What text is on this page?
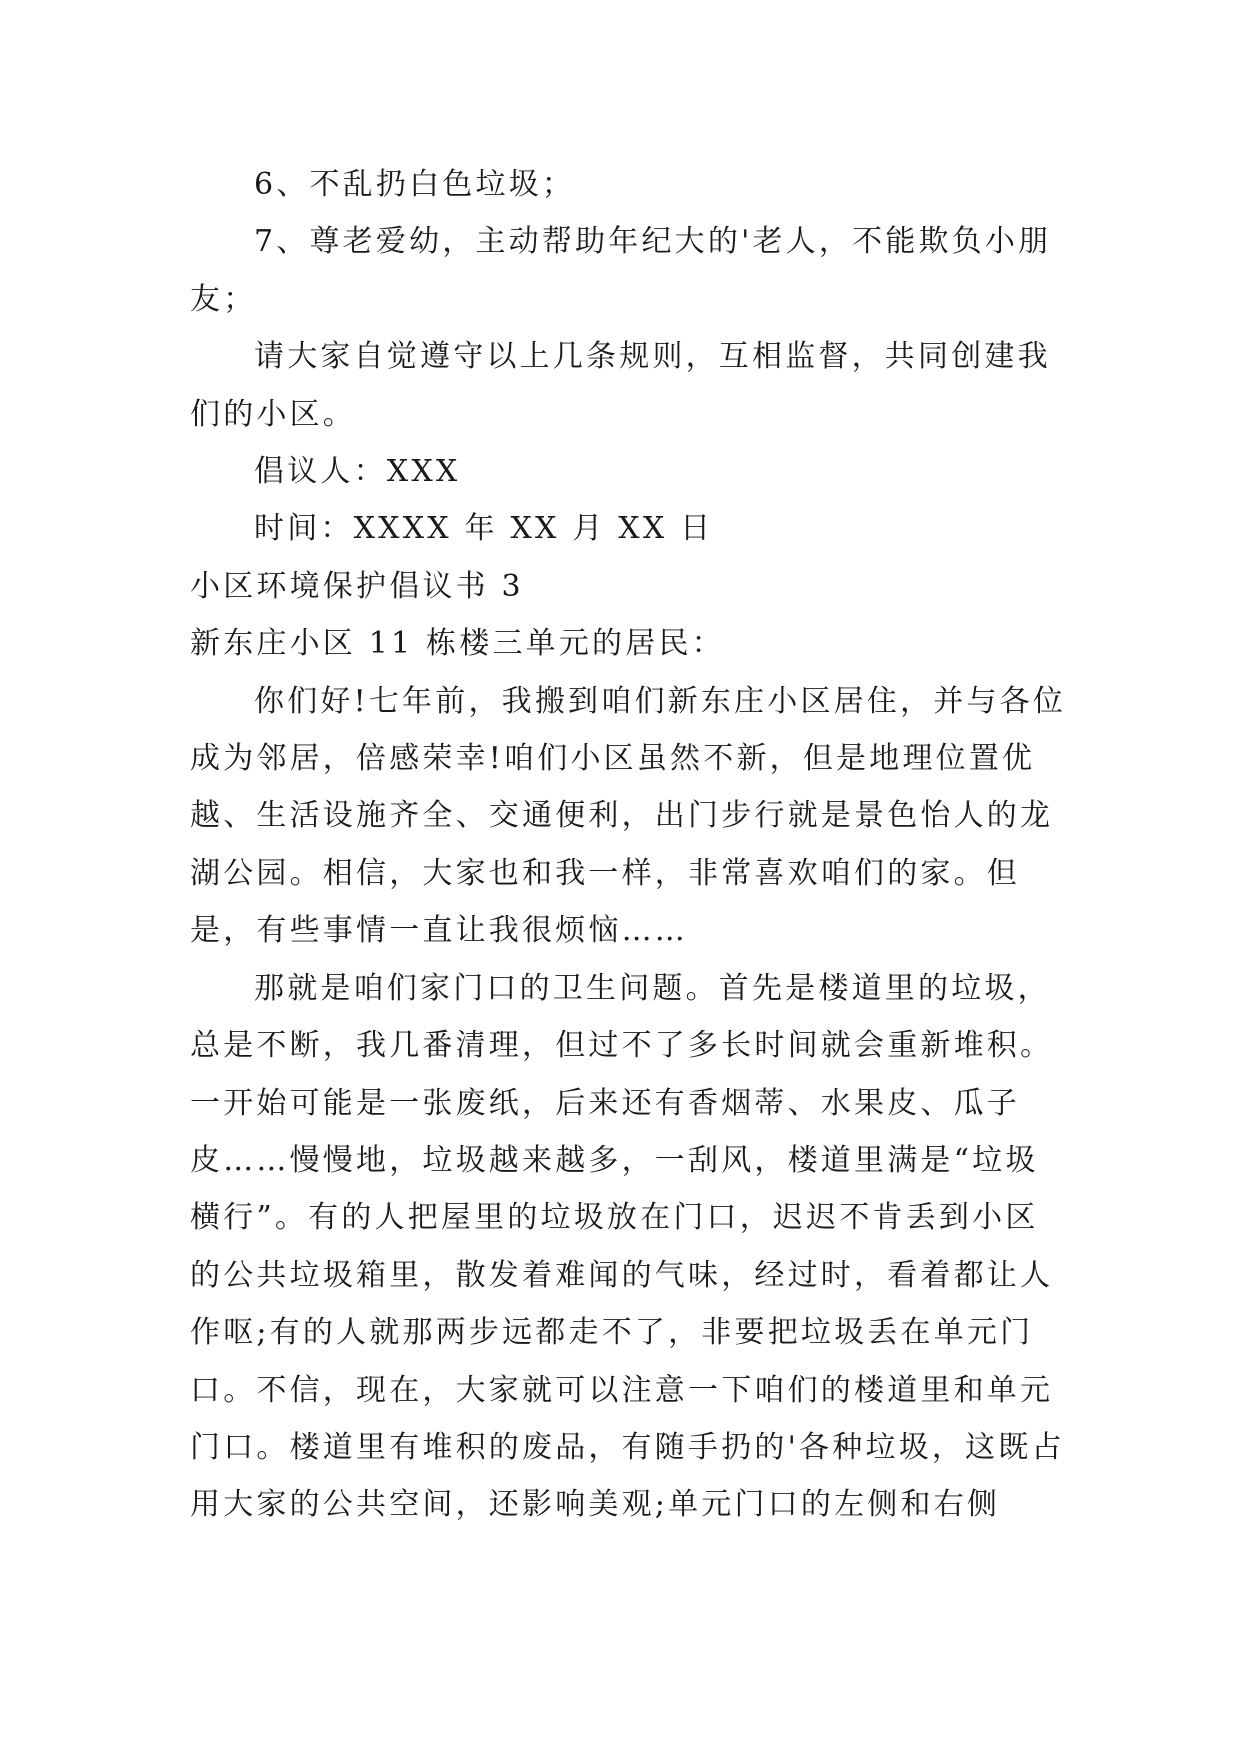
6、不乱扔白色垃圾；

7、尊老爱幼，主动帮助年纪大的'老人，不能欺负小朋友；

请大家自觉遵守以上几条规则，互相监督，共同创建我们的小区。

倡议人：XXX

时间：XXXX 年 XX 月 XX 日

小区环境保护倡议书 3

新东庄小区 11 栋楼三单元的居民：

你们好!七年前，我搬到咱们新东庄小区居住，并与各位成为邻居，倍感荣幸!咱们小区虽然不新，但是地理位置优越、生活设施齐全、交通便利，出门步行就是景色怡人的龙湖公园。相信，大家也和我一样，非常喜欢咱们的家。但是，有些事情一直让我很烦恼……

那就是咱们家门口的卫生问题。首先是楼道里的垃圾，总是不断，我几番清理，但过不了多长时间就会重新堆积。一开始可能是一张废纸，后来还有香烟蒂、水果皮、瓜子皮……慢慢地，垃圾越来越多，一刮风，楼道里满是“垃圾横行”。有的人把屋里的垃圾放在门口，迟迟不肯丢到小区的公共垃圾箱里，散发着难闻的气味，经过时，看着都让人作呕;有的人就那两步远都走不了，非要把垃圾丢在单元门口。不信，现在，大家就可以注意一下咱们的楼道里和单元门口。楼道里有堆积的废品，有随手扔的'各种垃圾，这既占用大家的公共空间，还影响美观;单元门口的左侧和右侧
